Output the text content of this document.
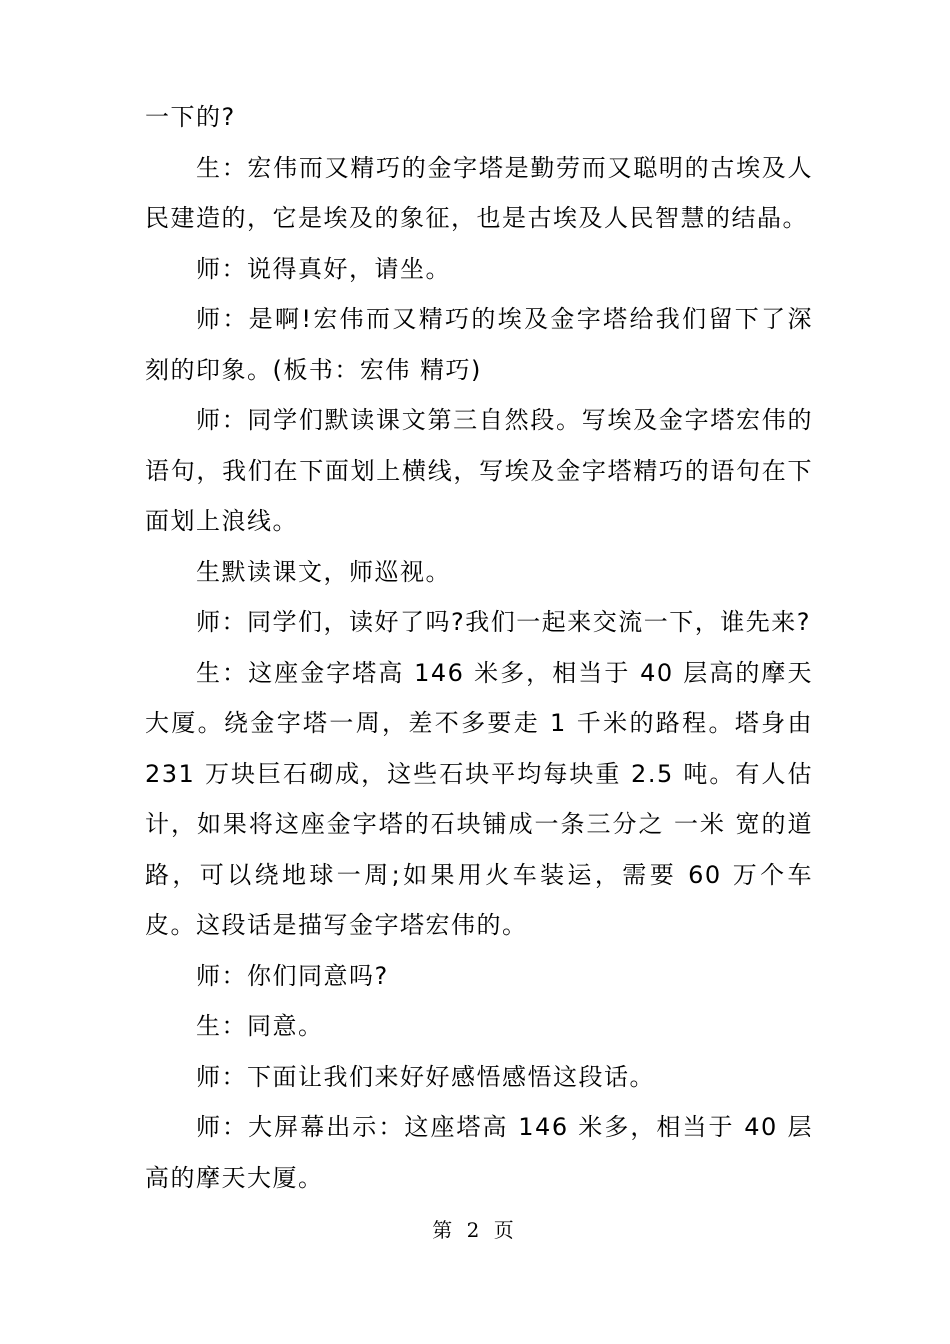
一下的?

生：宏伟而又精巧的金字塔是勤劳而又聪明的古埃及人民建造的，它是埃及的象征，也是古埃及人民智慧的结晶。

师：说得真好，请坐。

师：是啊!宏伟而又精巧的埃及金字塔给我们留下了深刻的印象。(板书：宏伟 精巧)

师：同学们默读课文第三自然段。写埃及金字塔宏伟的语句，我们在下面划上横线，写埃及金字塔精巧的语句在下面划上浪线。

生默读课文，师巡视。

师：同学们，读好了吗?我们一起来交流一下，谁先来?

生：这座金字塔高 146 米多，相当于 40 层高的摩天大厦。绕金字塔一周，差不多要走 1 千米的路程。塔身由 231 万块巨石砌成，这些石块平均每块重 2.5 吨。有人估计，如果将这座金字塔的石块铺成一条三分之 一米 宽的道路，可以绕地球一周;如果用火车装运，需要 60 万个车皮。这段话是描写金字塔宏伟的。

师：你们同意吗?

生：同意。

师：下面让我们来好好感悟感悟这段话。

师：大屏幕出示：这座塔高 146 米多，相当于 40 层高的摩天大厦。

第 2 页
